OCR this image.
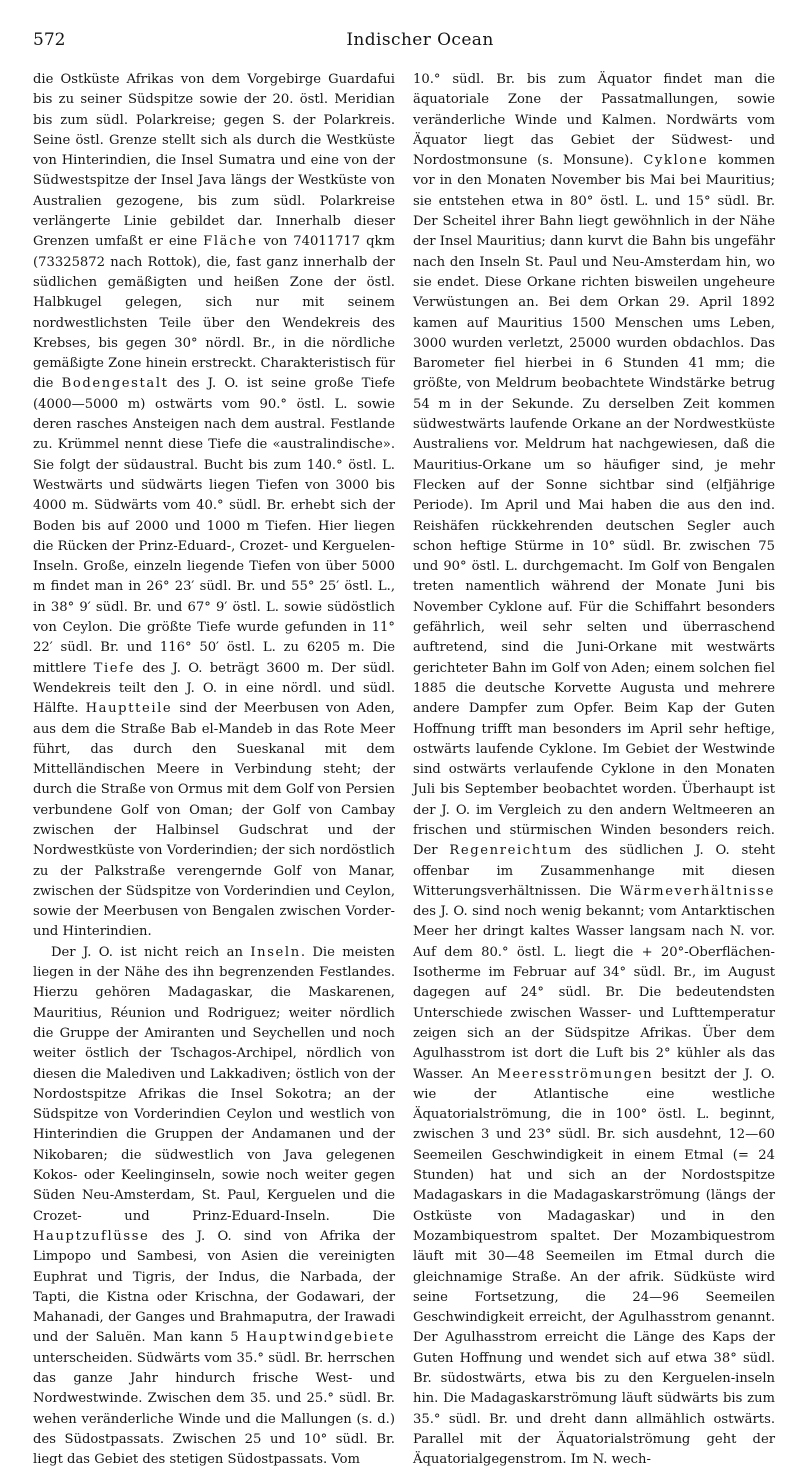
572	Indischer Ocean

die Ostküste Afrikas von dem Vorgebirge Guardafui bis zu seiner Südspitze sowie der 20. östl. Meridian bis zum südl. Polarkreise; gegen S. der Polarkreis. Seine östl. Grenze stellt sich als durch die Westküste von Hinterindien, die Insel Sumatra und eine von der Südwestspitze der Insel Java längs der Westküste von Australien gezogene, bis zum südl. Polarkreise verlängerte Linie gebildet dar. Innerhalb dieser Grenzen umfaßt er eine Fläche von 74011717 qkm (73325872 nach Rottok), die, fast ganz innerhalb der südlichen gemäßigten und heißen Zone der östl. Halbkugel gelegen, sich nur mit seinem nordwestlichsten Teile über den Wendekreis des Krebses, bis gegen 30° nördl. Br., in die nördliche gemäßigte Zone hinein erstreckt. Charakteristisch für die Bodengestalt des J. O. ist seine große Tiefe (4000—5000 m) ostwärts vom 90.° östl. L. sowie deren rasches Ansteigen nach dem austral. Festlande zu. Krümmel nennt diese Tiefe die «australindische». Sie folgt der südaustral. Bucht bis zum 140.° östl. L. Westwärts und südwärts liegen Tiefen von 3000 bis 4000 m. Südwärts vom 40.° südl. Br. erhebt sich der Boden bis auf 2000 und 1000 m Tiefen. Hier liegen die Rücken der Prinz-Eduard-, Crozet- und Kerguelen-Inseln. Große, einzeln liegende Tiefen von über 5000 m findet man in 26° 23′ südl. Br. und 55° 25′ östl. L., in 38° 9′ südl. Br. und 67° 9′ östl. L. sowie südöstlich von Ceylon. Die größte Tiefe wurde gefunden in 11° 22′ südl. Br. und 116° 50′ östl. L. zu 6205 m. Die mittlere Tiefe des J. O. beträgt 3600 m. Der südl. Wendekreis teilt den J. O. in eine nördl. und südl. Hälfte. Hauptteile sind der Meerbusen von Aden, aus dem die Straße Bab el-Mandeb in das Rote Meer führt, das durch den Sueskanal mit dem Mittelländischen Meere in Verbindung steht; der durch die Straße von Ormus mit dem Golf von Persien verbundene Golf von Oman; der Golf von Cambay zwischen der Halbinsel Gudschrat und der Nordwestküste von Vorderindien; der sich nordöstlich zu der Palkstraße verengernde Golf von Manar, zwischen der Südspitze von Vorderindien und Ceylon, sowie der Meerbusen von Bengalen zwischen Vorder- und Hinterindien.

Der J. O. ist nicht reich an Inseln. Die meisten liegen in der Nähe des ihn begrenzenden Festlandes. Hierzu gehören Madagaskar, die Maskarenen, Mauritius, Réunion und Rodriguez; weiter nördlich die Gruppe der Amiranten und Seychellen und noch weiter östlich der Tschagos-Archipel, nördlich von diesen die Malediven und Lakkadiven; östlich von der Nordostspitze Afrikas die Insel Sokotra; an der Südspitze von Vorderindien Ceylon und westlich von Hinterindien die Gruppen der Andamanen und der Nikobaren; die südwestlich von Java gelegenen Kokos- oder Keelinginseln, sowie noch weiter gegen Süden Neu-Amsterdam, St. Paul, Kerguelen und die Crozet- und Prinz-Eduard-Inseln. Die Hauptzuflüsse des J. O. sind von Afrika der Limpopo und Sambesi, von Asien die vereinigten Euphrat und Tigris, der Indus, die Narbada, der Tapti, die Kistna oder Krischna, der Godawari, der Mahanadi, der Ganges und Brahmaputra, der Irawadi und der Saluën. Man kann 5 Hauptwindgebiete unterscheiden. Südwärts vom 35.° südl. Br. herrschen das ganze Jahr hindurch frische West- und Nordwestwinde. Zwischen dem 35. und 25.° südl. Br. wehen veränderliche Winde und die Mallungen (s. d.) des Südostpassats. Zwischen 25 und 10° südl. Br. liegt das Gebiet des stetigen Südostpassats. Vom

10.° südl. Br. bis zum Äquator findet man die äquatoriale Zone der Passatmallungen, sowie veränderliche Winde und Kalmen. Nordwärts vom Äquator liegt das Gebiet der Südwest- und Nordostmonsune (s. Monsune). Cyklone kommen vor in den Monaten November bis Mai bei Mauritius; sie entstehen etwa in 80° östl. L. und 15° südl. Br. Der Scheitel ihrer Bahn liegt gewöhnlich in der Nähe der Insel Mauritius; dann kurvt die Bahn bis ungefähr nach den Inseln St. Paul und Neu-Amsterdam hin, wo sie endet. Diese Orkane richten bisweilen ungeheure Verwüstungen an. Bei dem Orkan 29. April 1892 kamen auf Mauritius 1500 Menschen ums Leben, 3000 wurden verletzt, 25000 wurden obdachlos. Das Barometer fiel hierbei in 6 Stunden 41 mm; die größte, von Meldrum beobachtete Windstärke betrug 54 m in der Sekunde. Zu derselben Zeit kommen südwestwärts laufende Orkane an der Nordwestküste Australiens vor. Meldrum hat nachgewiesen, daß die Mauritius-Orkane um so häufiger sind, je mehr Flecken auf der Sonne sichtbar sind (elfjährige Periode). Im April und Mai haben die aus den ind. Reishäfen rückkehrenden deutschen Segler auch schon heftige Stürme in 10° südl. Br. zwischen 75 und 90° östl. L. durchgemacht. Im Golf von Bengalen treten namentlich während der Monate Juni bis November Cyklone auf. Für die Schiffahrt besonders gefährlich, weil sehr selten und überraschend auftretend, sind die Juni-Orkane mit westwärts gerichteter Bahn im Golf von Aden; einem solchen fiel 1885 die deutsche Korvette Augusta und mehrere andere Dampfer zum Opfer. Beim Kap der Guten Hoffnung trifft man besonders im April sehr heftige, ostwärts laufende Cyklone. Im Gebiet der Westwinde sind ostwärts verlaufende Cyklone in den Monaten Juli bis September beobachtet worden. Überhaupt ist der J. O. im Vergleich zu den andern Weltmeeren an frischen und stürmischen Winden besonders reich. Der Regenreichtum des südlichen J. O. steht offenbar im Zusammenhange mit diesen Witterungsverhältnissen. Die Wärmeverhältnisse des J. O. sind noch wenig bekannt; vom Antarktischen Meer her dringt kaltes Wasser langsam nach N. vor. Auf dem 80.° östl. L. liegt die + 20°-Oberflächen-Isotherme im Februar auf 34° südl. Br., im August dagegen auf 24° südl. Br. Die bedeutendsten Unterschiede zwischen Wasser- und Lufttemperatur zeigen sich an der Südspitze Afrikas. Über dem Agulhasstrom ist dort die Luft bis 2° kühler als das Wasser. An Meeresströmungen besitzt der J. O. wie der Atlantische eine westliche Äquatorialströmung, die in 100° östl. L. beginnt, zwischen 3 und 23° südl. Br. sich ausdehnt, 12—60 Seemeilen Geschwindigkeit in einem Etmal (= 24 Stunden) hat und sich an der Nordostspitze Madagaskars in die Madagaskarströmung (längs der Ostküste von Madagaskar) und in den Mozambiquestrom spaltet. Der Mozambiquestrom läuft mit 30—48 Seemeilen im Etmal durch die gleichnamige Straße. An der afrik. Südküste wird seine Fortsetzung, die 24—96 Seemeilen Geschwindigkeit erreicht, der Agulhasstrom genannt. Der Agulhasstrom erreicht die Länge des Kaps der Guten Hoffnung und wendet sich auf etwa 38° südl. Br. südostwärts, etwa bis zu den Kerguelen-inseln hin. Die Madagaskarströmung läuft südwärts bis zum 35.° südl. Br. und dreht dann allmählich ostwärts. Parallel mit der Äquatorialströmung geht der Äquatorialgegenstrom. Im N. wech-
